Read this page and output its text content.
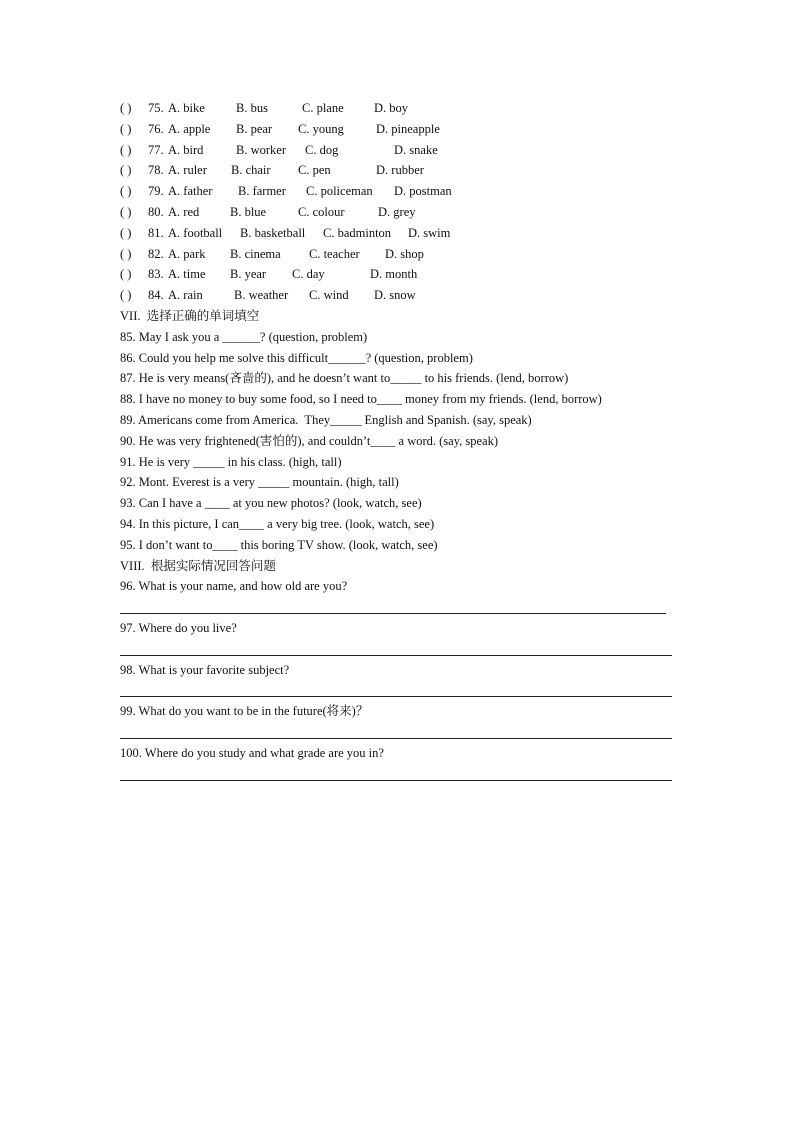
( ) 75. A. bike B. bus	C. plane D. boy
( ) 76. A. apple B. pear C. young	D. pineapple
( ) 77. A. bird	B. worker C. dog	D. snake
( ) 78. A. ruler B. chair C. pen	D. rubber
( ) 79. A. father B. farmer C. policeman D. postman
( ) 80. A. red B. blue	C. colour	D. grey
( ) 81. A. football B. basketball C. badminton D. swim
( ) 82. A. park B. cinema C. teacher D. shop
( ) 83. A. time B. year C. day	D. month
( ) 84. A. rain	B. weather C. wind D. snow
VII.  选择正确的单词填空
85. May I ask you a ______? (question, problem)
86. Could you help me solve this difficult______? (question, problem)
87. He is very means(吝啬的), and he doesn’t want to_____ to his friends. (lend, borrow)
88. I have no money to buy some food, so I need to____ money from my friends. (lend, borrow)
89. Americans come from America.  They_____ English and Spanish. (say, speak)
90. He was very frightened(害怕的), and couldn’t____ a word. (say, speak)
91. He is very _____ in his class. (high, tall)
92. Mont. Everest is a very _____ mountain. (high, tall)
93. Can I have a ____ at you new photos? (look, watch, see)
94. In this picture, I can____ a very big tree. (look, watch, see)
95. I don’t want to____ this boring TV show. (look, watch, see)
VIII.  根据实际情况回答问题
96. What is your name, and how old are you?
97. Where do you live?
98. What is your favorite subject?
99. What do you want to be in the future(将来)？
100. Where do you study and what grade are you in?
